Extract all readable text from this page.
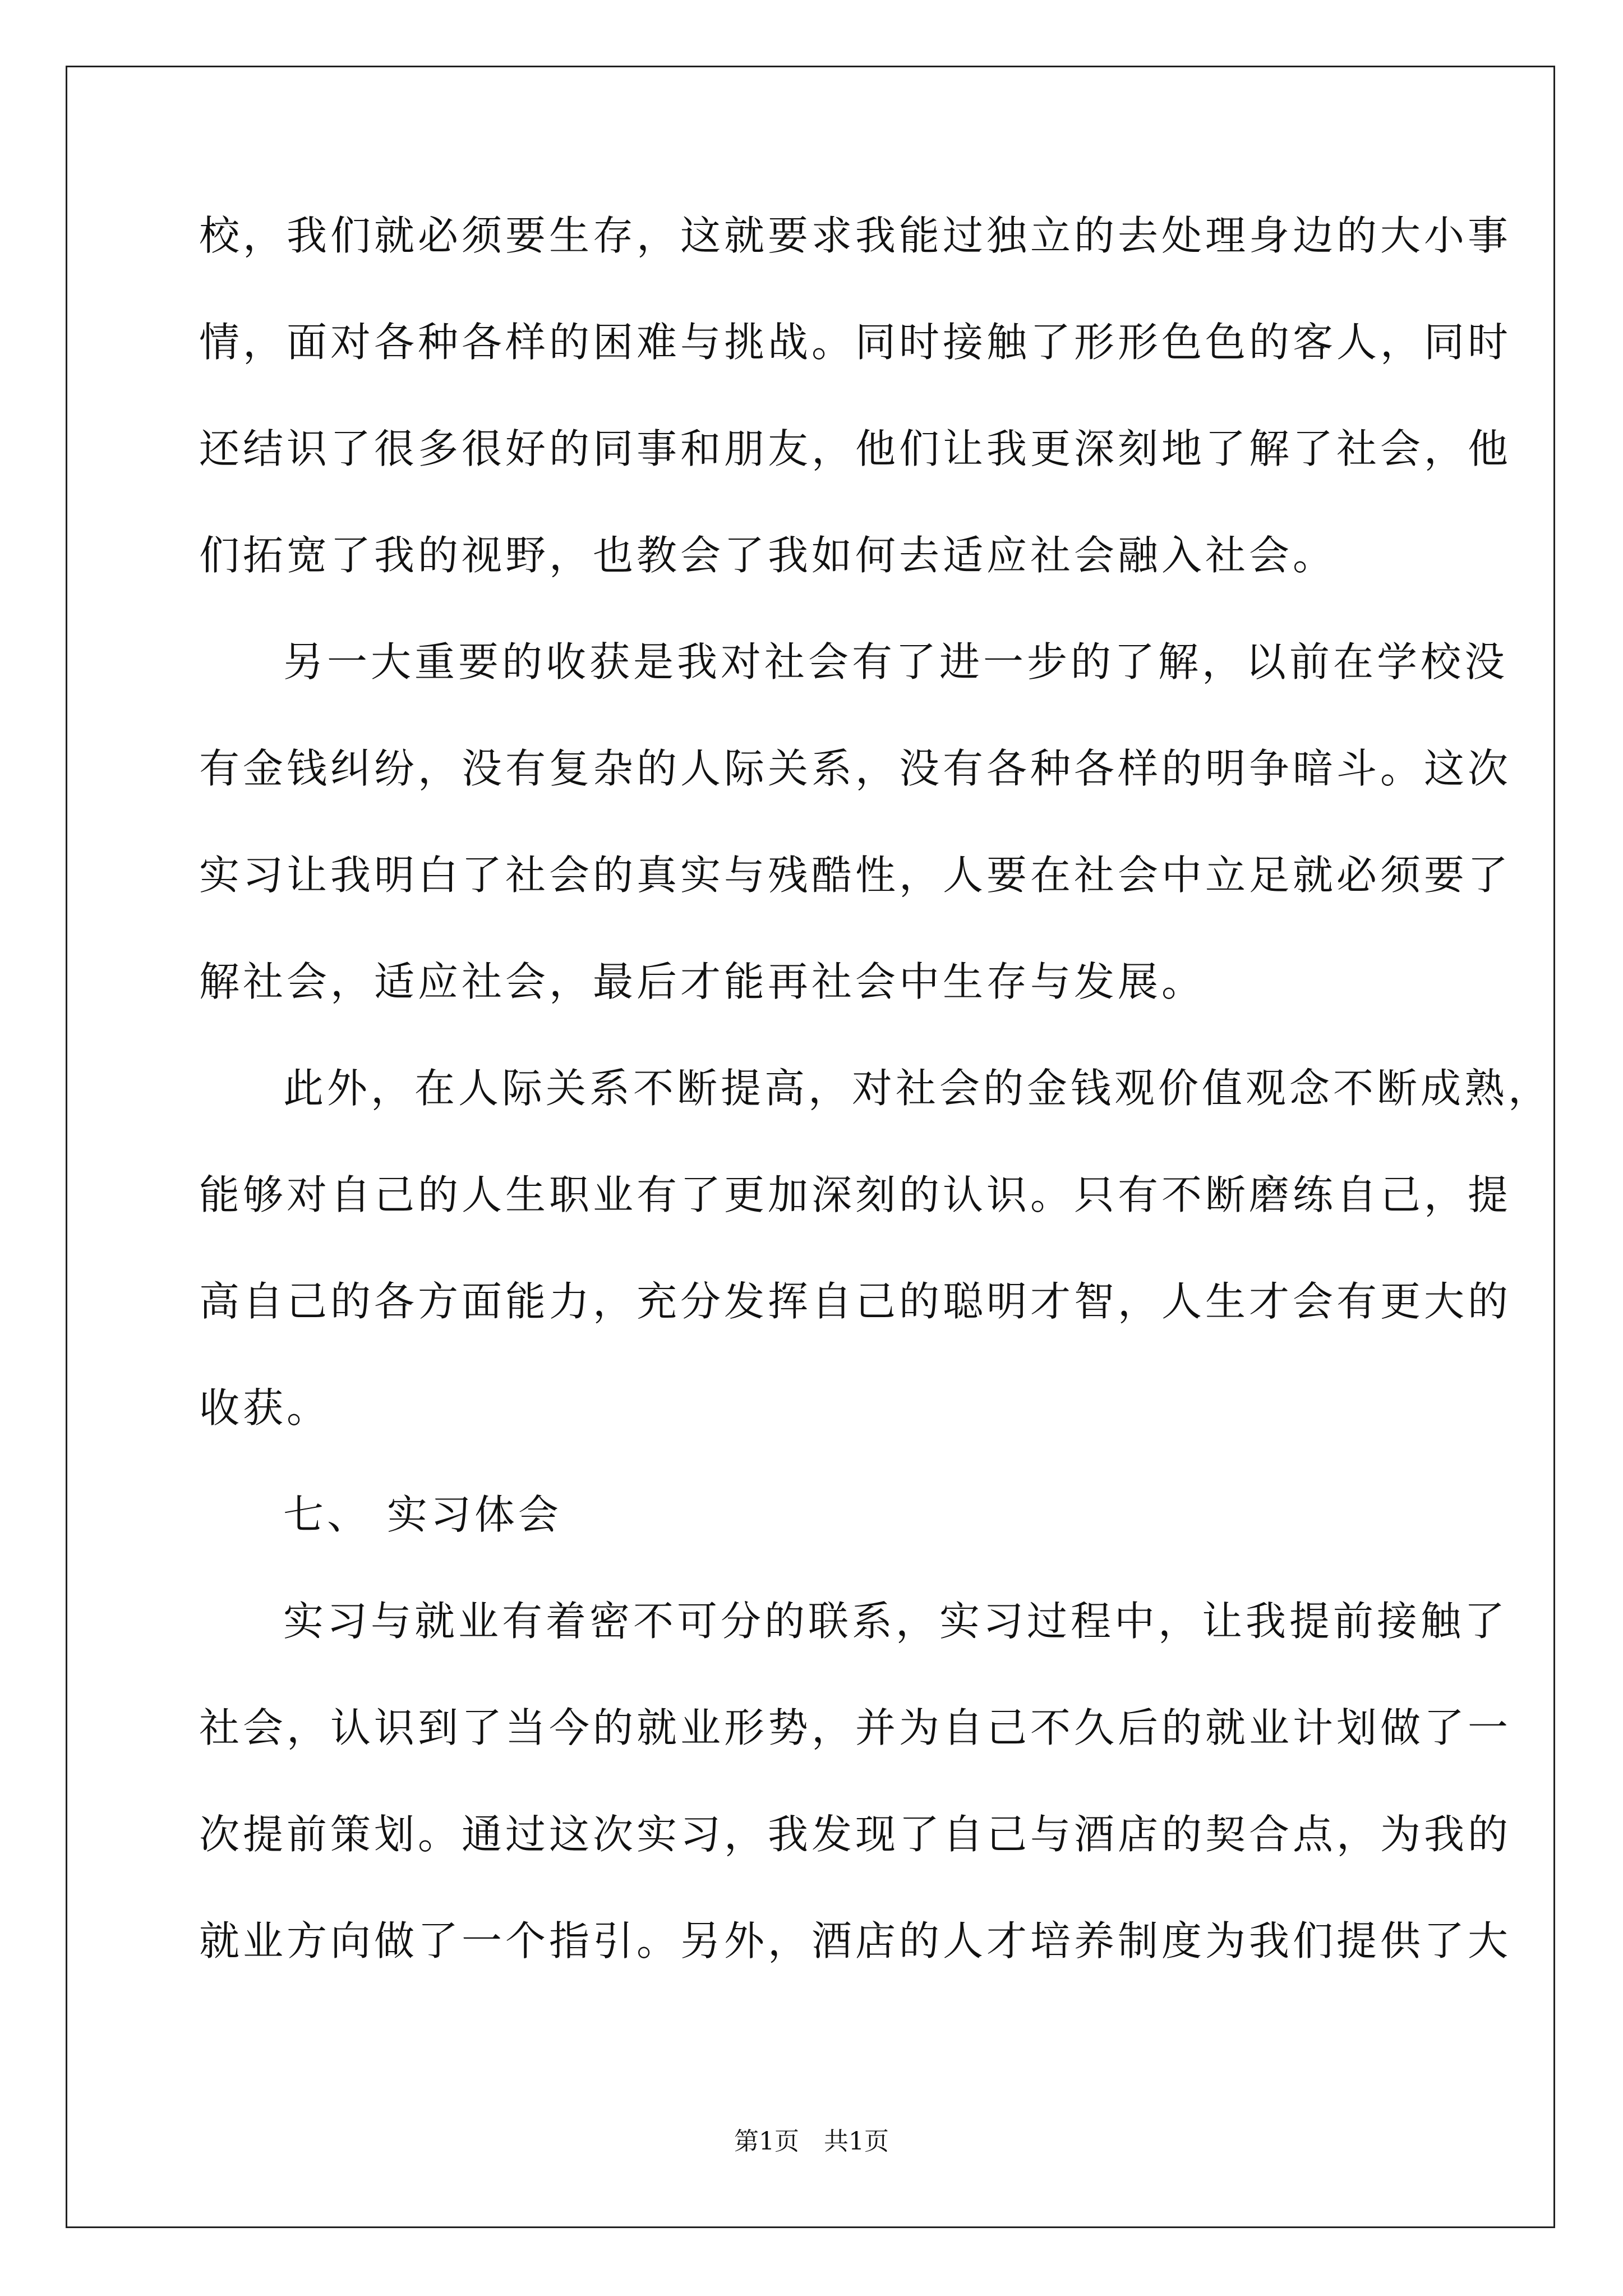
校，我们就必须要生存，这就要求我能过独立的去处理身边的大小事
情，面对各种各样的困难与挑战。同时接触了形形色色的客人，同时
还结识了很多很好的同事和朋友，他们让我更深刻地了解了社会，他
们拓宽了我的视野，也教会了我如何去适应社会融入社会。
另一大重要的收获是我对社会有了进一步的了解，以前在学校没
有金钱纠纷，没有复杂的人际关系，没有各种各样的明争暗斗。这次
实习让我明白了社会的真实与残酷性，人要在社会中立足就必须要了
解社会，适应社会，最后才能再社会中生存与发展。
此外，在人际关系不断提高，对社会的金钱观价值观念不断成熟，
能够对自己的人生职业有了更加深刻的认识。只有不断磨练自己，提
高自己的各方面能力，充分发挥自己的聪明才智，人生才会有更大的
收获。
七、 实习体会
实习与就业有着密不可分的联系，实习过程中，让我提前接触了
社会，认识到了当今的就业形势，并为自己不久后的就业计划做了一
次提前策划。通过这次实习，我发现了自己与酒店的契合点，为我的
就业方向做了一个指引。另外，酒店的人才培养制度为我们提供了大
第1页　共1页
